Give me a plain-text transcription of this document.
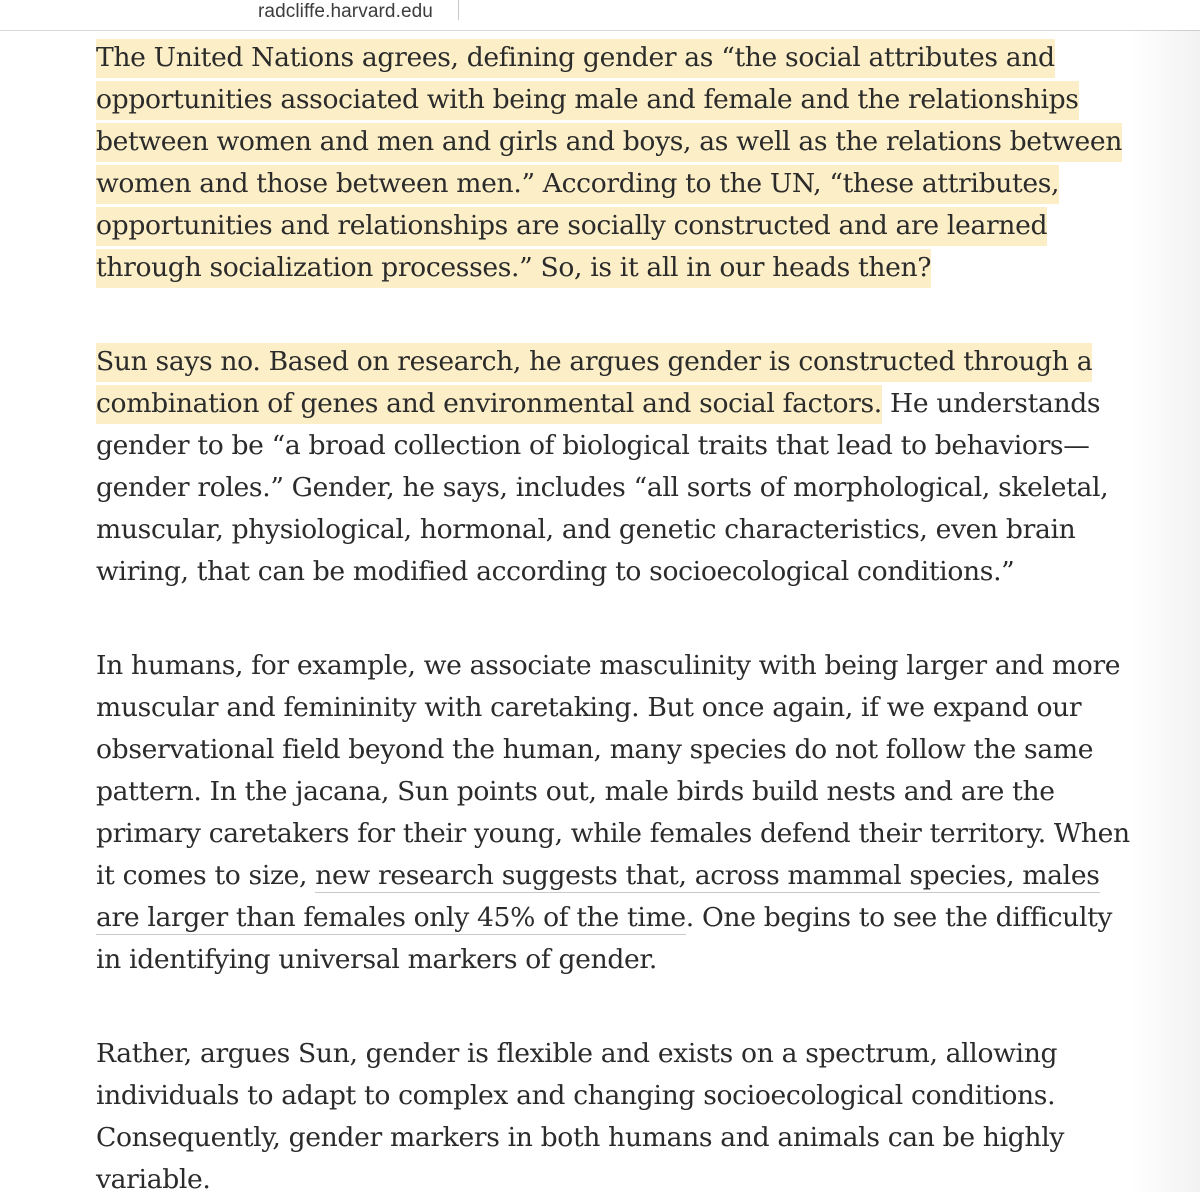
radcliffe.harvard.edu

The United Nations agrees, defining gender as “the social attributes and
opportunities associated with being male and female and the relationships
between women and men and girls and boys, as well as the relations between
women and those between men.” According to the UN, “these attributes,
opportunities and relationships are socially constructed and are learned
through socialization processes.” So, is it all in our heads then?

Sun says no. Based on research, he argues gender is constructed through a
combination of genes and environmental and social factors. He understands
gender to be “a broad collection of biological traits that lead to behaviors—
gender roles.” Gender, he says, includes “all sorts of morphological, skeletal,
muscular, physiological, hormonal, and genetic characteristics, even brain
wiring, that can be modified according to socioecological conditions.”

In humans, for example, we associate masculinity with being larger and more
muscular and femininity with caretaking. But once again, if we expand our
observational field beyond the human, many species do not follow the same
pattern. In the jacana, Sun points out, male birds build nests and are the
primary caretakers for their young, while females defend their territory. When
it comes to size, new research suggests that, across mammal species, males
are larger than females only 45% of the time. One begins to see the difficulty
in identifying universal markers of gender.

Rather, argues Sun, gender is flexible and exists on a spectrum, allowing
individuals to adapt to complex and changing socioecological conditions.
Consequently, gender markers in both humans and animals can be highly
variable.
